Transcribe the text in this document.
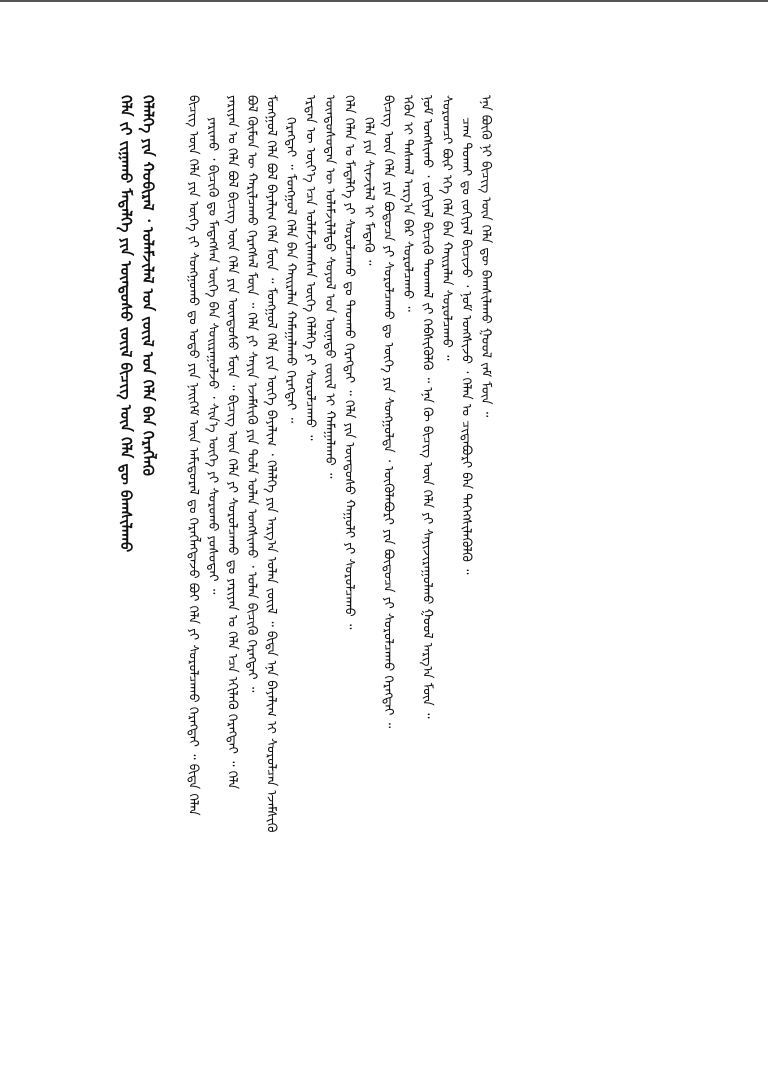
ᠬᠡᠯᠡ ᠵᠢ ᠵᠢᠭᠠᠬᠤ ᠮᠡᠳᠡᠯᠭᠡ ᠶᠢᠨ ᠦᠨᠳᠦᠰᠦ ᠵᠦᠢᠯ ᠪᠢᠴᠢᠭ ᠦᠨ ᠬᠡᠯᠡ ᠳᠦ ᠪᠠᠭᠰᠢᠯᠠᠬᠤ ᠬᠡᠯᠡᠯᠭᠡ ᠶᠢᠨ ᠬᠤᠪᠢᠷᠠᠯ ᠂ ᠤᠯᠠᠮᠵᠢᠯᠠᠯ ᠤᠨ ᠵᠦᠢᠯ ᠤᠨ ᠬᠡᠯᠡ ᠪᠠᠨ ᠬᠡᠷᠡᠭᠯᠡᠬᠦ ᠪᠢᠴᠢᠭ ᠦᠨ ᠬᠡᠯᠡ ᠶᠢᠨ ᠦᠭᠡ ᠵᠢ ᠰᠤᠩᠭᠤᠬᠤ ᠳᠤ ᠤᠳᠤ ᠶᠢᠨ ᠨᠡᠢᠭᠡᠮ ᠦᠨ ᠠᠮᠢᠳᠤᠷᠠᠯ ᠳᠤ ᠬᠡᠷᠡᠭᠯᠡᠭᠳᠡᠵᠦ ᠪᠤᠢ ᠬᠡᠯᠡ ᠶᠢ ᠰᠤᠷᠤᠯᠴᠠᠬᠤ ᠬᠡᠷᠡᠭᠲᠡᠢ ᠃ ᠪᠢᠳᠡ ᠬᠡᠯᠡᠨ ᠶᠠᠷᠢᠬᠤ ᠂ ᠪᠢᠴᠢᠬᠦ ᠳᠤ ᠮᠡᠳᠡᠭᠰᠡᠨ ᠦᠭᠡ ᠪᠡᠨ ᠰᠤᠢᠷᠠᠭᠤᠯᠵᠤ ᠂ ᠰᠢᠨ᠎ᠡ ᠦᠭᠡ ᠶᠢ ᠰᠤᠷᠤᠬᠤ ᠶᠤᠰᠤᠲᠠᠢ ᠃ ᠶᠠᠷᠢᠶᠠᠨ ᠤ ᠬᠡᠯᠡ ᠪᠤᠯ ᠪᠢᠴᠢᠭ ᠦᠨ ᠬᠡᠯᠡ ᠶᠢᠨ ᠦᠨᠳᠦᠰᠦ ᠮᠦᠨ ᠃ ᠪᠢᠴᠢᠭ ᠦᠨ ᠬᠡᠯᠡ ᠶᠢ ᠰᠤᠷᠤᠯᠴᠠᠬᠤ ᠳᠤ ᠶᠠᠷᠢᠶᠠᠨ ᠤ ᠬᠡᠯᠡ ᠡᠴᠡ ᠡᠬᠢᠯᠡᠬᠦ ᠬᠡᠷᠡᠭᠲᠡᠢ ᠃ ᠬᠡᠯᠡ ᠪᠤᠯ ᠬᠦᠮᠦᠨ ᠦ ᠬᠠᠷᠢᠯᠴᠠᠬᠤ ᠬᠡᠷᠡᠭᠰᠡᠯ ᠮᠦᠨ ᠃ ᠬᠡᠯᠡ ᠶᠢ ᠰᠠᠶᠢᠨ ᠡᠵᠡᠮᠰᠢᠬᠦ ᠶᠢᠨ ᠲᠤᠯᠠ ᠤᠯᠠᠨ ᠤᠩᠰᠢᠬᠤ ᠂ ᠤᠯᠠᠨ ᠪᠢᠴᠢᠬᠦ ᠬᠡᠷᠡᠭᠲᠡᠢ ᠃ ᠮᠣᠩᠭᠣᠯ ᠬᠡᠯᠡ ᠪᠤᠯ ᠪᠠᠶᠠᠯᠢᠭ ᠬᠡᠯᠡ ᠮᠦᠨ ᠃ ᠮᠣᠩᠭᠣᠯ ᠬᠡᠯᠡ ᠶᠢᠨ ᠦᠭᠡ ᠪᠠᠶᠠᠯᠢᠭ ᠂ ᠬᠡᠯᠡᠯᠭᠡ ᠶᠢᠨ ᠠᠷᠭ᠎ᠠ ᠣᠯᠠᠨ ᠵᠦᠢᠯ ᠃ ᠪᠢᠳᠡ ᠡᠨᠡ ᠪᠠᠶᠠᠯᠢᠭ ᠢ ᠰᠤᠷᠤᠯᠴᠠᠨ ᠡᠵᠡᠮᠰᠢᠬᠦ ᠬᠡᠷᠡᠭᠲᠡᠢ ᠃ ᠮᠣᠩᠭᠣᠯ ᠬᠡᠯᠡ ᠪᠡᠨ ᠬᠠᠢᠷᠠᠯᠠᠨ ᠬᠠᠮᠠᠭᠠᠯᠠᠬᠤ ᠬᠡᠷᠡᠭᠲᠡᠢ ᠃ ᠡᠷᠲᠡᠨ ᠦ ᠦᠶ᠎ᠡ ᠡᠴᠡ ᠤᠯᠠᠮᠵᠢᠯᠠᠭᠰᠠᠨ ᠦᠭᠡ ᠬᠡᠯᠡᠯᠭᠡ ᠶᠢ ᠰᠤᠷᠤᠯᠴᠠᠬᠤ ᠃ ᠦᠨᠳᠦᠰᠦᠲᠡᠨ ᠦ ᠤᠯᠠᠮᠵᠢᠯᠠᠯᠲᠤ ᠰᠣᠶᠣᠯ ᠤᠨ ᠦᠨᠡᠲᠦ ᠵᠦᠢᠯ ᠢ ᠬᠠᠮᠠᠭᠠᠯᠠᠬᠤ ᠃ ᠬᠡᠯᠡ ᠬᠡᠯᠡᠨ ᠤ ᠮᠡᠳᠡᠯᠭᠡ ᠶᠢ ᠰᠤᠷᠤᠯᠴᠠᠬᠤ ᠳᠤ ᠳᠠᠳᠬᠤ ᠬᠡᠷᠡᠭᠲᠡᠢ ᠃ ᠬᠡᠯᠡ ᠶᠢᠨ ᠦᠨᠳᠦᠰᠦ ᠬᠠᠭᠤᠯᠢ ᠶᠢ ᠰᠤᠷᠤᠯᠴᠠᠬᠤ ᠃ ᠬᠡᠯᠡ ᠶᠢᠨ ᠰᠢᠨᠵᠢᠯᠡᠯ ᠢ ᠮᠡᠳᠡᠬᠦ ᠃ ᠪᠢᠴᠢᠭ ᠦᠨ ᠬᠡᠯᠡ ᠶᠢᠨ ᠪᠤᠲᠦᠴᠡ ᠶᠢ ᠰᠤᠷᠤᠯᠴᠠᠬᠤ ᠳᠤ ᠦᠭᠡ ᠶᠢᠨ ᠰᠤᠩᠭᠤᠯᠲᠠ ᠂ ᠦᠭᠦᠯᠡᠪᠦᠷᠢ ᠶᠢᠨ ᠪᠦᠲᠦᠴᠡ ᠶᠢ ᠰᠤᠷᠤᠯᠴᠠᠬᠤ ᠬᠡᠷᠡᠭᠲᠡᠢ ᠃ ᠡᠭᠦᠨ ᠢ ᠳᠠᠰᠬᠠᠯ ᠠᠷᠭ᠎ᠠ ᠪᠡᠷ ᠰᠤᠷᠤᠯᠴᠠᠬᠤ ᠃ ᠨᠣᠮ ᠤᠩᠰᠢᠬᠤ ᠂ ᠵᠣᠬᠢᠶᠠᠯ ᠪᠢᠴᠢᠬᠦ ᠳᠠᠳᠬᠠᠯ ᠵᠢ ᠬᠡᠪᠰᠢᠭᠦᠯᠬᠦ ᠃ ᠡᠨᠡ ᠬᠦ ᠪᠢᠴᠢᠭ ᠦᠨ ᠬᠡᠯᠡ ᠶᠢ ᠰᠠᠶᠢᠵᠢᠷᠠᠭᠤᠯᠬᠤ ᠭᠣᠣᠯ ᠠᠷᠭ᠎ᠠ ᠮᠦᠨ ᠃ ᠰᠤᠷᠤᠭᠴᠢ ᠪᠦᠷ ᠡᠬᠡ ᠬᠡᠯᠡ ᠪᠡᠨ ᠬᠠᠢᠷᠠᠯᠠᠨ ᠰᠤᠷᠤᠯᠴᠠᠬᠤ ᠃ ᠴᠠᠭ ᠲᠤᠬᠠᠢ ᠳᠤ ᠵᠣᠬᠢᠶᠠᠯ ᠪᠢᠴᠢᠵᠦ ᠂ ᠨᠣᠮ ᠤᠩᠰᠢᠵᠤ ᠂ ᠬᠡᠯᠡᠨ ᠤ ᠴᠢᠳᠠᠪᠤᠷᠢ ᠪᠡᠨ ᠳᠡᠭᠡᠭᠰᠢᠯᠡᠭᠦᠯᠬᠦ ᠃ ᠡᠨᠡ ᠪᠦᠬᠦ ᠨᠢ ᠪᠢᠴᠢᠭ ᠦᠨ ᠬᠡᠯᠡ ᠳᠦ ᠪᠠᠭᠰᠢᠯᠠᠬᠤ ᠭᠣᠣᠯ ᠵᠠᠮ ᠮᠦᠨ ᠃
